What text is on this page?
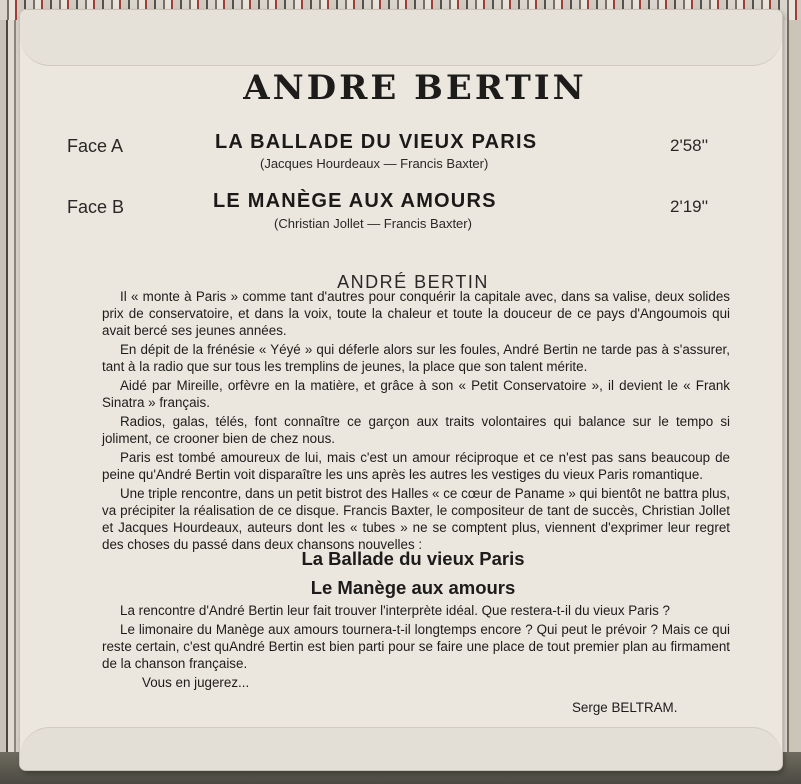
ANDRE BERTIN
Face A	LA BALLADE DU VIEUX PARIS
(Jacques Hourdeaux — Francis Baxter)
2'58''
Face B	LE MANÈGE AUX AMOURS
(Christian Jollet — Francis Baxter)
2'19''
ANDRÉ BERTIN

Il « monte à Paris » comme tant d'autres pour conquérir la capitale avec, dans sa valise, deux solides prix de conservatoire, et dans la voix, toute la chaleur et toute la douceur de ce pays d'Angoumois qui avait bercé ses jeunes années.

En dépit de la frénésie « Yéyé » qui déferle alors sur les foules, André Bertin ne tarde pas à s'assurer, tant à la radio que sur tous les tremplins de jeunes, la place que son talent mérite.

Aidé par Mireille, orfèvre en la matière, et grâce à son « Petit Conservatoire », il devient le « Frank Sinatra » français.

Radios, galas, télés, font connaître ce garçon aux traits volontaires qui balance sur le tempo si joliment, ce crooner bien de chez nous.

Paris est tombé amoureux de lui, mais c'est un amour réciproque et ce n'est pas sans beaucoup de peine qu'André Bertin voit disparaître les uns après les autres les vestiges du vieux Paris romantique.

Une triple rencontre, dans un petit bistrot des Halles « ce cœur de Paname » qui bientôt ne battra plus, va précipiter la réalisation de ce disque. Francis Baxter, le compositeur de tant de succès, Christian Jollet et Jacques Hourdeaux, auteurs dont les « tubes » ne se comptent plus, viennent d'exprimer leur regret des choses du passé dans deux chansons nouvelles :

La Ballade du vieux Paris
Le Manège aux amours

La rencontre d'André Bertin leur fait trouver l'interprète idéal. Que restera-t-il du vieux Paris ?

Le limonaire du Manège aux amours tournera-t-il longtemps encore ? Qui peut le prévoir ? Mais ce qui reste certain, c'est quAndré Bertin est bien parti pour se faire une place de tout premier plan au firmament de la chanson française.

Vous en jugerez...

Serge BELTRAM.
